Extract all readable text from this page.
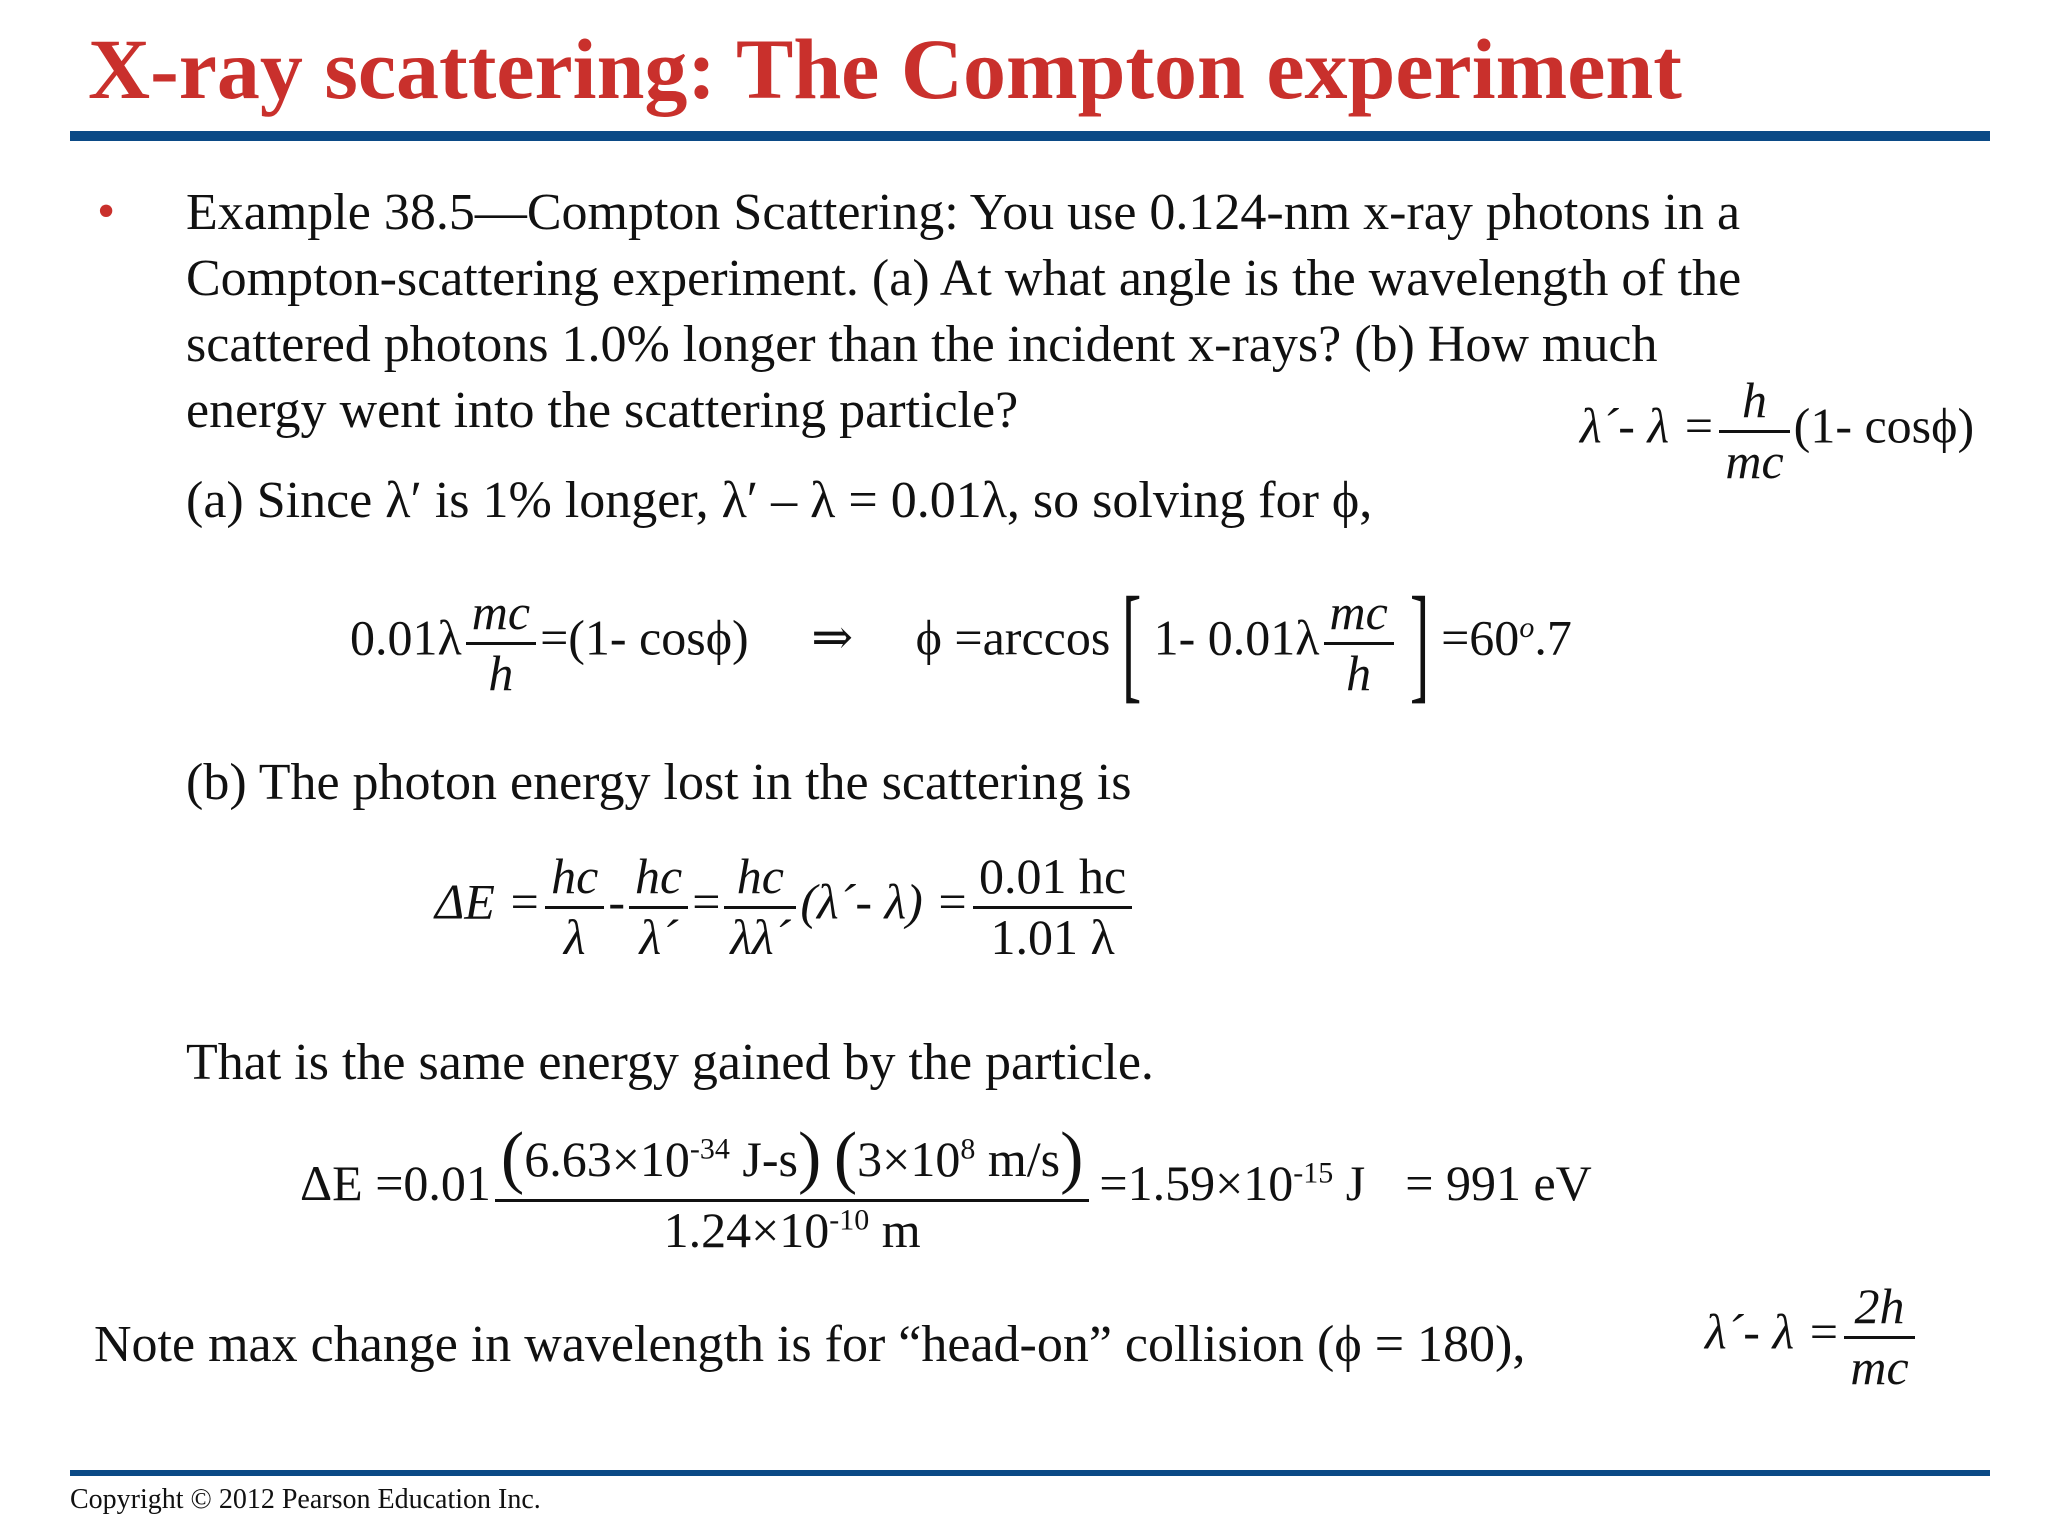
X-ray scattering: The Compton experiment
• Example 38.5—Compton Scattering: You use 0.124-nm x-ray photons in a
Compton-scattering experiment. (a) At what angle is the wavelength of the
scattered photons 1.0% longer than the incident x-rays? (b) How much
energy went into the scattering particle?	λ´- $\lambda = \frac{h}{mc} (1-$ cosϕ)
(a) Since λ′ is 1% longer, λ′ – λ = 0.01λ, so solving for ϕ,
$0.01\lambda \frac{mc}{h} =(1-$ cosϕ) ⇒ ϕ =arccos[ 1- $0.01\lambda \frac{mc}{h}$ ] $=60^o.7$
(b) The photon energy lost in the scattering is
$\Delta E = \frac{hc}{\lambda} - \frac{hc}{\lambda´} = \frac{hc}{\lambda\lambda´}$ (λ´- $\lambda) = \frac{0.01 hc}{1.01 \lambda}$
That is the same energy gained by the particle.
$\Delta E =0.01 \frac{(6.63\times 10^{-34} J-s) (3\times 10^8 m/s)}{1.24\times 10^{-10} m} =1.59\times 10^{-15}$ J = 991 eV
Note max change in wavelength is for “head-on” collision (ϕ = 180),	λ´- $\lambda = \frac{2h}{mc}$
Copyright © 2012 Pearson Education Inc.
